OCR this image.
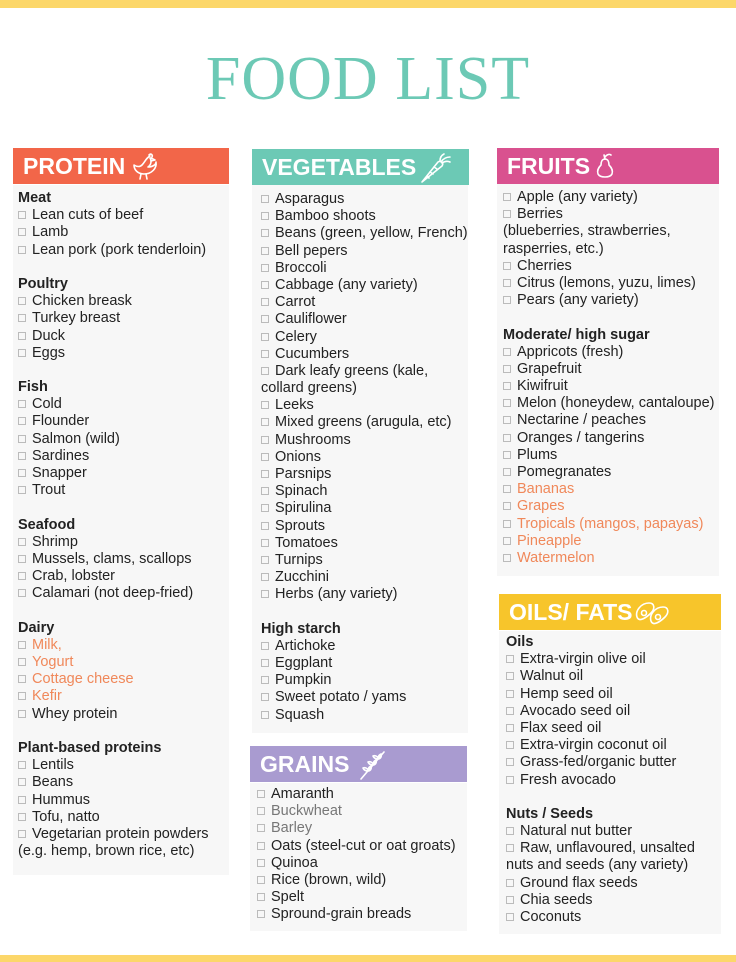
FOOD LIST
PROTEIN	VEGETABLES
GRAINS
FRUITS
OILS/ FATS
Meat
Lean cuts of beef
Lamb
Lean pork (pork tenderloin)
Poultry
Chicken breask
Turkey breast
Duck
Eggs
Fish
Cold
Flounder
Salmon (wild)
Sardines
Snapper
Trout
Seafood
Shrimp
Mussels, clams, scallops
Crab, lobster
Calamari (not deep-fried)
Dairy
Milk,
Yogurt
Cottage cheese
Kefir
Whey protein
Plant-based proteins
Lentils
Beans
Hummus
Tofu, natto
Vegetarian protein powders
(e.g. hemp, brown rice, etc)
Asparagus
Bamboo shoots
Beans (green, yellow, French)
Bell pepers
Broccoli
Cabbage (any variety)
Carrot
Cauliflower
Celery
Cucumbers
Dark leafy greens (kale,
collard greens)
Leeks
Mixed greens (arugula, etc)
Mushrooms
Onions
Parsnips
Spinach
Spirulina
Sprouts
Tomatoes
Turnips
Zucchini
Herbs (any variety)
High starch
Artichoke
Eggplant
Pumpkin
Sweet potato / yams
Squash
Amaranth
Buckwheat
Barley
Oats (steel-cut or oat groats)
Quinoa
Rice (brown, wild)
Spelt
Spround-grain breads
Apple (any variety)
Berries
(blueberries, strawberries,
rasperries, etc.)
Cherries
Citrus (lemons, yuzu, limes)
Pears (any variety)
Moderate/ high sugar
Appricots (fresh)
Grapefruit
Kiwifruit
Melon (honeydew, cantaloupe)
Nectarine / peaches
Oranges / tangerins
Plums
Pomegranates
Bananas
Grapes
Tropicals (mangos, papayas)
Pineapple
Watermelon
Oils
Extra-virgin olive oil
Walnut oil
Hemp seed oil
Avocado seed oil
Flax seed oil
Extra-virgin coconut oil
Grass-fed/organic butter
Fresh avocado
Nuts / Seeds
Natural nut butter
Raw, unflavoured, unsalted
nuts and seeds (any variety)
Ground flax seeds
Chia seeds
Coconuts
